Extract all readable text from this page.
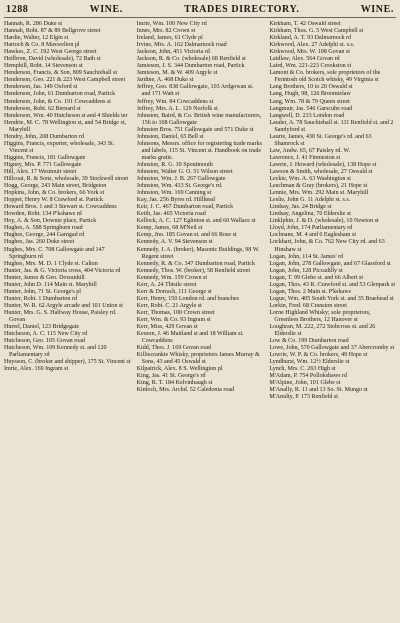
1288	WINE.	TRADES DIRECTORY.	WINE.

Hannah, R. 286 Duke st

Hannah, Robt. 87 & 89 Bellgrove street

Hardie, Walter, 12 Elgin st

Hartoch & Co. 8 Maxwelton pl

Hawkes, Z. C. 192 West George street

Heilbron, David (wholesale), 72 Bath st

Hemphill, Robt. 14 Stevenson st

Henderson, Francis, & Son, 809 Sauchiehall st

Henderson, Geo. 221 & 223 West Campbell street

Henderson, Jas. 149 Oxford st

Henderson, John, 61 Dumbarton road, Partick

Henderson, John, & Co. 191 Cowcaddens st

Henderson, Robt. 62 Bernard st

Henderson, Wm. 40 Hutcheson st and 4 Shields ter

Hendrie, M. C. 78 Wellington st, and 54 Bridge st, Maryhill

Hendry, John, 208 Dumbarton rd

Higgins, Francis, exporter, wholesale, 343 St. Vincent st

Higgins, Francis, 181 Gallowgate

Higney, Mrs. P. 771 Gallowgate

Hill, Alex. 17 Westmuir street

Hillcoat, R. & Sons, wholesale, 39 Stockwell street

Hogg, George, 243 Main street, Bridgeton

Hopkins, John, & Co. brokers, 66 York st

Hopper, Henry W. 8 Crawford st. Partick

Howard Bros. 1 and 3 Stewart st. Cowcaddens

Howden, Robt. 134 P'kshaws rd

Hoy, A. & Son, Downie place, Partick

Hughes, A. 588 Springburn road

Hughes, George, 244 Garngad rd

Hughes, Jas. 260 Duke street

Hughes, Mrs. C. 708 Gallowgate and 147 Springburn rd

Hughes, Mrs. M. D. 1 Clyde st. Calton

Hunter, Jas. & G. Victoria cross, 404 Victoria rd

Hunter, James & Geo. Dowanhill

Hunter, John D. 114 Main st. Maryhill

Hunter, John, 71 St. George's pl

Hunter, Robt. 1 Dumbarton rd

Hunter, W. R. 62 Argyle arcade and 101 Union st

Hunter, Mrs. G. S. Halfway House, Paisley rd. Govan

Hurrel, Daniel, 123 Bridgegate

Hutcheson, A. C. 115 New City rd

Hutcheson, Geo. 105 Govan road

Hutcheson, Wm. 109 Kennedy st. and 120 Parliamentary rd

Huysson, C. (broker and shipper), 175 St. Vincent st

Imrie, Alex. 169 Ingram st

Imrie, Wm. 100 New City rd

Innes, Mrs. 82 Crown st

Ireland, James, 61 Clyde pl

Irvine, Mrs. A. 162 Dalmarnock road

Jackson, John, 451 Victoria rd

Jackson, R. & Co. (wholesale) 68 Renfield st

Jamieson, J. S. 344 Dumbarton road, Partick

Jamieson, M. & W. 409 Argyle st

Jardine, A. 468 Duke st

Jeffrey, Geo. 838 Gallowgate, 103 Ardgowan st. and 171 Watt st

Jeffrey, Wm. 84 Cowcaddens st

Jeffrey, Mrs. A. L. 129 Norfolk st

Johnston, Baird, & Co. British wine manufacturers, 156 to 168 Gallowgate

Johnston Bros. 751 Gallowgate and 571 Duke st

Johnston, Daniel, 65 Bell st

Johnsons, Messrs. office for registering trade marks and labels, 115 St. Vincent st. Handbook on trade marks gratis.

Johnston, R. G. 10 Spoutmouth

Johnston, Walter G. O. 51 Wilson street

Johnston, Wm. J. B. 267 Gallowgate

Johnston, Wm. 433 St. George's rd.

Johnston, Wm. 169 Canning st

Kay, Jas. 256 Byres rd. Hillhead

Keir, J. C. 467 Dumbarton road, Partick

Keith, Jas. 465 Victoria road

Kellock, A. C. 127 Eglinton st. and 60 Wallace st

Kemp, James, 68 M'Neil st

Kemp, Jno. 185 Govan st. and 66 Rose st

Kennedy, A. V. 94 Stevenson st

Kennedy, J. A. (broker), Masonic Buildings, 98 W. Regent street

Kennedy, R. & Co. 347 Dumbarton road, Partick

Kennedy, Thos. W. (broker), 58 Renfield street

Kennedy, Wm. 159 Crown st

Kerr, A. 24 Thistle street

Kerr & Dorrach, 111 George st

Kerr, Henry, 150 London rd. and branches

Kerr, Robt. C. 21 Argyle st

Kerr, Thomas, 100 Crown street

Kerr, Wm. & Co. 93 Ingram st

Kerr, Miss, 429 Govan st

Kesson, J. 46 Maitland st and 18 William st. Cowcaddens

Kidd, Thos. J. 169 Govan road

Killiecrankie Whisky, proprietors James Murray & Sons, 43 and 45 Oswald st

Kilpatrick, Alex. 8 S. Wellington pl

King, Jas. 41 St. George's rd

King, R. T. 184 Kelvinhaugh st

Kinloch, Mrs. Archd. 52 Caledonia road

Kirkham, T. 42 Oswald street

Kirkham, Thos. G. 5 West Campbell st

Kirkland, A. T. 93 Dalmarnock rd

Kirkwood, Alex. 27 Adelphi st. s.s.

Kirkwood, Mrs. W. 108 Govan st

Laidlaw, Alex. 564 Govan rd

Laird, Wm. 221-223 Crookston st

Lamont & Co. brokers, sole proprietors of the Ferintosh old Scotch whisky, 49 Virginia st

Lang Brothers, 10 to 20 Oswald st

Lang, Hugh, 98, 126 Broomielaw

Lang, Wm. 78 & 79 Queen street

Langmuir, Jas. 546 Garscube road

Langwell, D. 233 London road

Lauder, A. 78 Sauchiehall st. 111 Renfield st. and 2 Sandyford st

Laurie, James, 430 St. George's rd. and 63 Shamrock st

Law, Andw. 65, 67 Paisley rd. W.

Lawrence, J. 41 Finnieston st

Lawrie, J. Howard (wholesale), 138 Hope st

Lawson & Smith, wholesale, 27 Oswald st

Leckie, Wm. A. 63 Washington st

Leechman & Gray (brokers), 21 Hope st

Lennie, Mrs. Wm. 292 Main st. Maryhill

Leslie, John G. 11 Adelphi st. s.s.

Lindsay, Jas. 24 Bridge st

Lindsay, Angelina, 70 Elderslie st

Linklphin, J. & D. (wholesale), 10 Newton st

Lloyd, John, 174 Parliamentary rd

Lochnane, M. 4 and 6 Eaglesham st

Lockhart, John, & Co. 762 New City rd. and 63 Hinshaw st

Logan, John, 114 St. James' rd

Logan, John, 278 Gallowgate, and 67 Glassford st

Logan, John, 128 Piccadilly st

Logan, T. 99 Glebe st. and 66 Albert st

Logan, Thos. 43 R. Crawford st. and 53 Glenpark st

Logan, Thos. 2 Main st. P'kshaws

Logue, Wm. 405 South York st. and 35 Braehead st

Lorkin, Fred. 68 Cranston street

Lorne Highland Whisky; sole proprietors, Greenlees Brothers, 12 Hanover st

Loughran, M. 222, 272 Stobcross st. and 26 Elderslie st

Low & Co. 199 Dumbarton road

Lowe, John, 570 Gallowgate and 37 Abercromby st

Lowrie, W. P. & Co. brokers, 49 Hope st

Lyndhurst, Wm. 12½ Elderslie st

Lynch, Mrs. C. 263 High st

M'Adam, P. 754 Pollokshaws rd

M'Alpine, John, 101 Glebe st

M'Anally, R. 11 and 13 So. St. Mungo st

M'Anulty, P. 173 Renfield st
